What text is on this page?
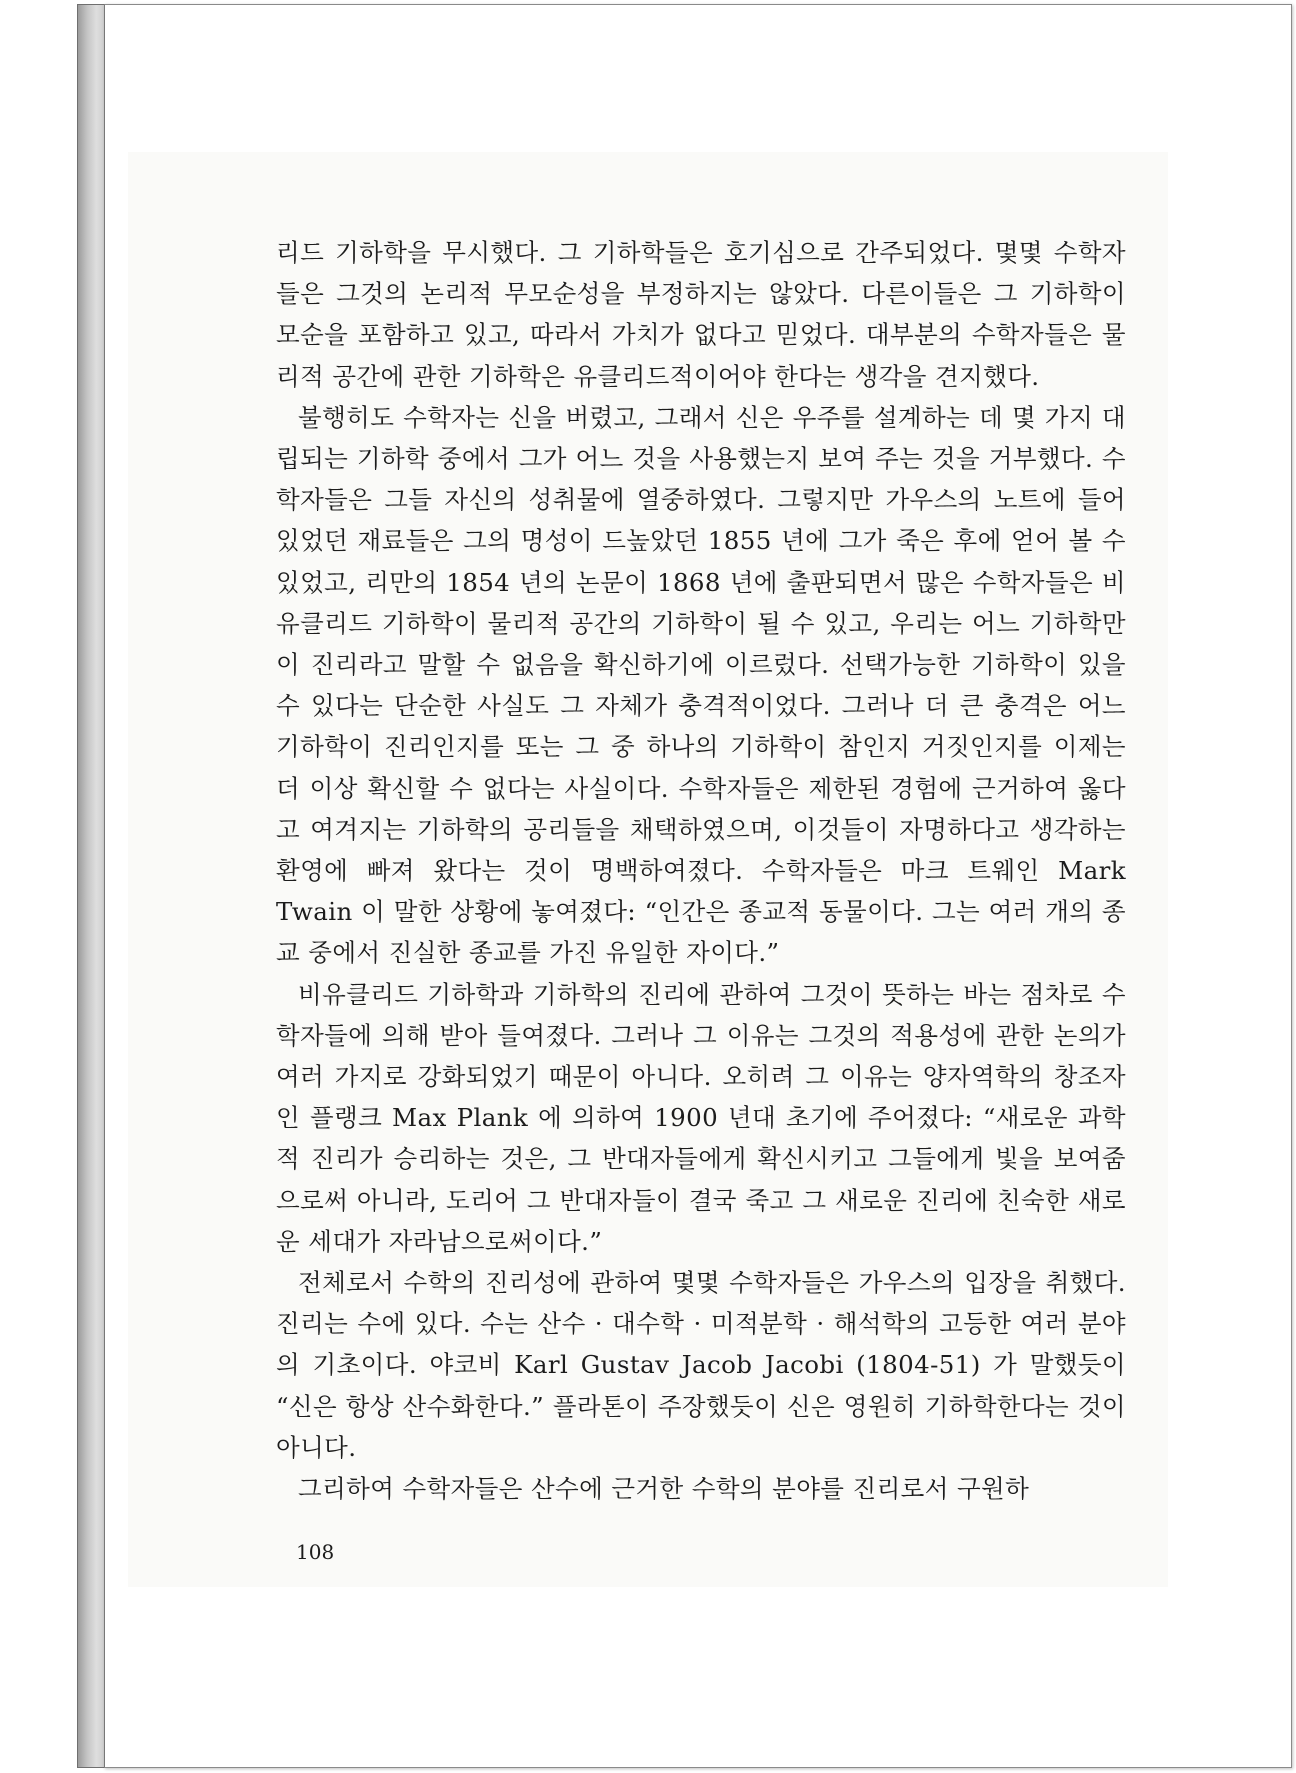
리드 기하학을 무시했다. 그 기하학들은 호기심으로 간주되었다. 몇몇 수학자들은 그것의 논리적 무모순성을 부정하지는 않았다. 다른이들은 그 기하학이 모순을 포함하고 있고, 따라서 가치가 없다고 믿었다. 대부분의 수학자들은 물리적 공간에 관한 기하학은 유클리드적이어야 한다는 생각을 견지했다.

불행히도 수학자는 신을 버렸고, 그래서 신은 우주를 설계하는 데 몇 가지 대립되는 기하학 중에서 그가 어느 것을 사용했는지 보여 주는 것을 거부했다. 수학자들은 그들 자신의 성취물에 열중하였다. 그렇지만 가우스의 노트에 들어 있었던 재료들은 그의 명성이 드높았던 1855 년에 그가 죽은 후에 얻어 볼 수 있었고, 리만의 1854 년의 논문이 1868 년에 출판되면서 많은 수학자들은 비유클리드 기하학이 물리적 공간의 기하학이 될 수 있고, 우리는 어느 기하학만이 진리라고 말할 수 없음을 확신하기에 이르렀다. 선택가능한 기하학이 있을 수 있다는 단순한 사실도 그 자체가 충격적이었다. 그러나 더 큰 충격은 어느 기하학이 진리인지를 또는 그 중 하나의 기하학이 참인지 거짓인지를 이제는 더 이상 확신할 수 없다는 사실이다. 수학자들은 제한된 경험에 근거하여 옳다고 여겨지는 기하학의 공리들을 채택하였으며, 이것들이 자명하다고 생각하는 환영에 빠져 왔다는 것이 명백하여졌다. 수학자들은 마크 트웨인 Mark Twain 이 말한 상황에 놓여졌다: “인간은 종교적 동물이다. 그는 여러 개의 종교 중에서 진실한 종교를 가진 유일한 자이다.”

비유클리드 기하학과 기하학의 진리에 관하여 그것이 뜻하는 바는 점차로 수학자들에 의해 받아 들여졌다. 그러나 그 이유는 그것의 적용성에 관한 논의가 여러 가지로 강화되었기 때문이 아니다. 오히려 그 이유는 양자역학의 창조자인 플랭크 Max Plank 에 의하여 1900 년대 초기에 주어졌다: “새로운 과학적 진리가 승리하는 것은, 그 반대자들에게 확신시키고 그들에게 빛을 보여줌으로써 아니라, 도리어 그 반대자들이 결국 죽고 그 새로운 진리에 친숙한 새로운 세대가 자라남으로써이다.”

전체로서 수학의 진리성에 관하여 몇몇 수학자들은 가우스의 입장을 취했다. 진리는 수에 있다. 수는 산수 · 대수학 · 미적분학 · 해석학의 고등한 여러 분야의 기초이다. 야코비 Karl Gustav Jacob Jacobi (1804-51) 가 말했듯이 “신은 항상 산수화한다.” 플라톤이 주장했듯이 신은 영원히 기하학한다는 것이 아니다.

그리하여 수학자들은 산수에 근거한 수학의 분야를 진리로서 구원하

108
